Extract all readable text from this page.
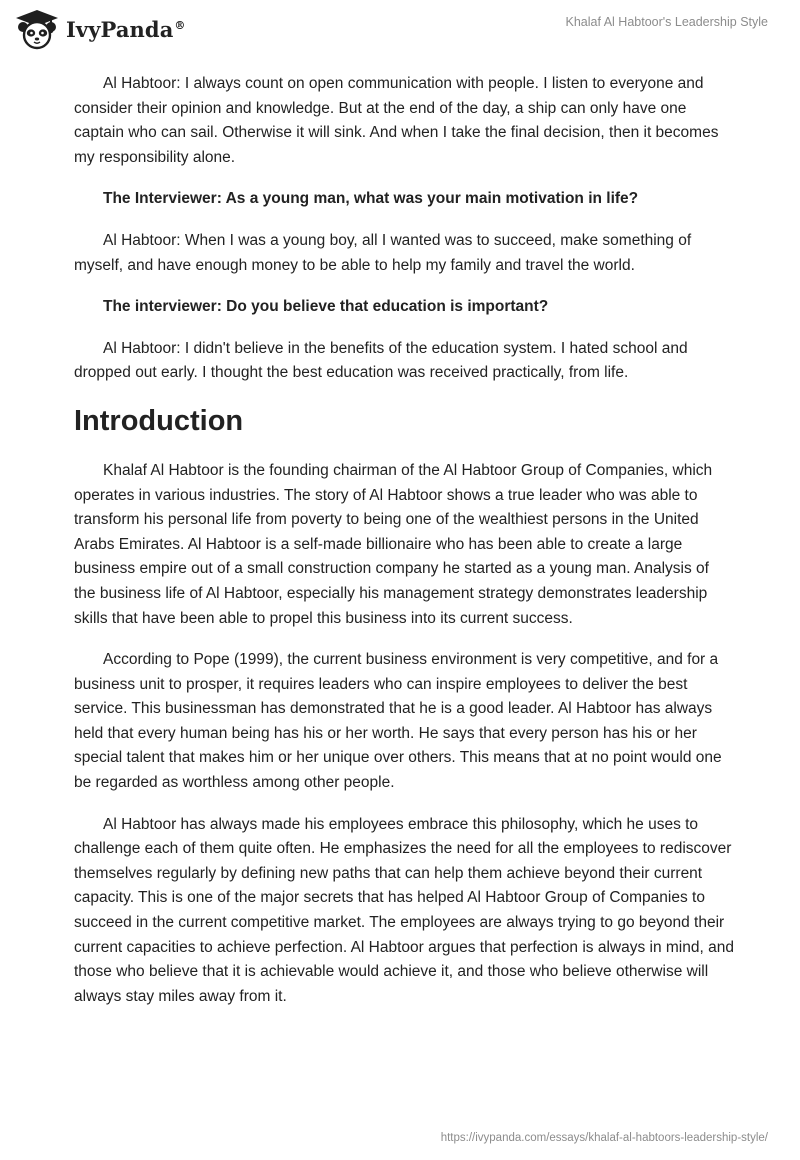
IvyPanda®	Khalaf Al Habtoor's Leadership Style

Al Habtoor: I always count on open communication with people. I listen to everyone and consider their opinion and knowledge. But at the end of the day, a ship can only have one captain who can sail. Otherwise it will sink. And when I take the final decision, then it becomes my responsibility alone.

The Interviewer: As a young man, what was your main motivation in life?

Al Habtoor: When I was a young boy, all I wanted was to succeed, make something of myself, and have enough money to be able to help my family and travel the world.

The interviewer: Do you believe that education is important?

Al Habtoor: I didn't believe in the benefits of the education system. I hated school and dropped out early. I thought the best education was received practically, from life.

Introduction

Khalaf Al Habtoor is the founding chairman of the Al Habtoor Group of Companies, which operates in various industries. The story of Al Habtoor shows a true leader who was able to transform his personal life from poverty to being one of the wealthiest persons in the United Arabs Emirates. Al Habtoor is a self-made billionaire who has been able to create a large business empire out of a small construction company he started as a young man. Analysis of the business life of Al Habtoor, especially his management strategy demonstrates leadership skills that have been able to propel this business into its current success.

According to Pope (1999), the current business environment is very competitive, and for a business unit to prosper, it requires leaders who can inspire employees to deliver the best service. This businessman has demonstrated that he is a good leader. Al Habtoor has always held that every human being has his or her worth. He says that every person has his or her special talent that makes him or her unique over others. This means that at no point would one be regarded as worthless among other people.

Al Habtoor has always made his employees embrace this philosophy, which he uses to challenge each of them quite often. He emphasizes the need for all the employees to rediscover themselves regularly by defining new paths that can help them achieve beyond their current capacity. This is one of the major secrets that has helped Al Habtoor Group of Companies to succeed in the current competitive market. The employees are always trying to go beyond their current capacities to achieve perfection. Al Habtoor argues that perfection is always in mind, and those who believe that it is achievable would achieve it, and those who believe otherwise will always stay miles away from it.

https://ivypanda.com/essays/khalaf-al-habtoors-leadership-style/
